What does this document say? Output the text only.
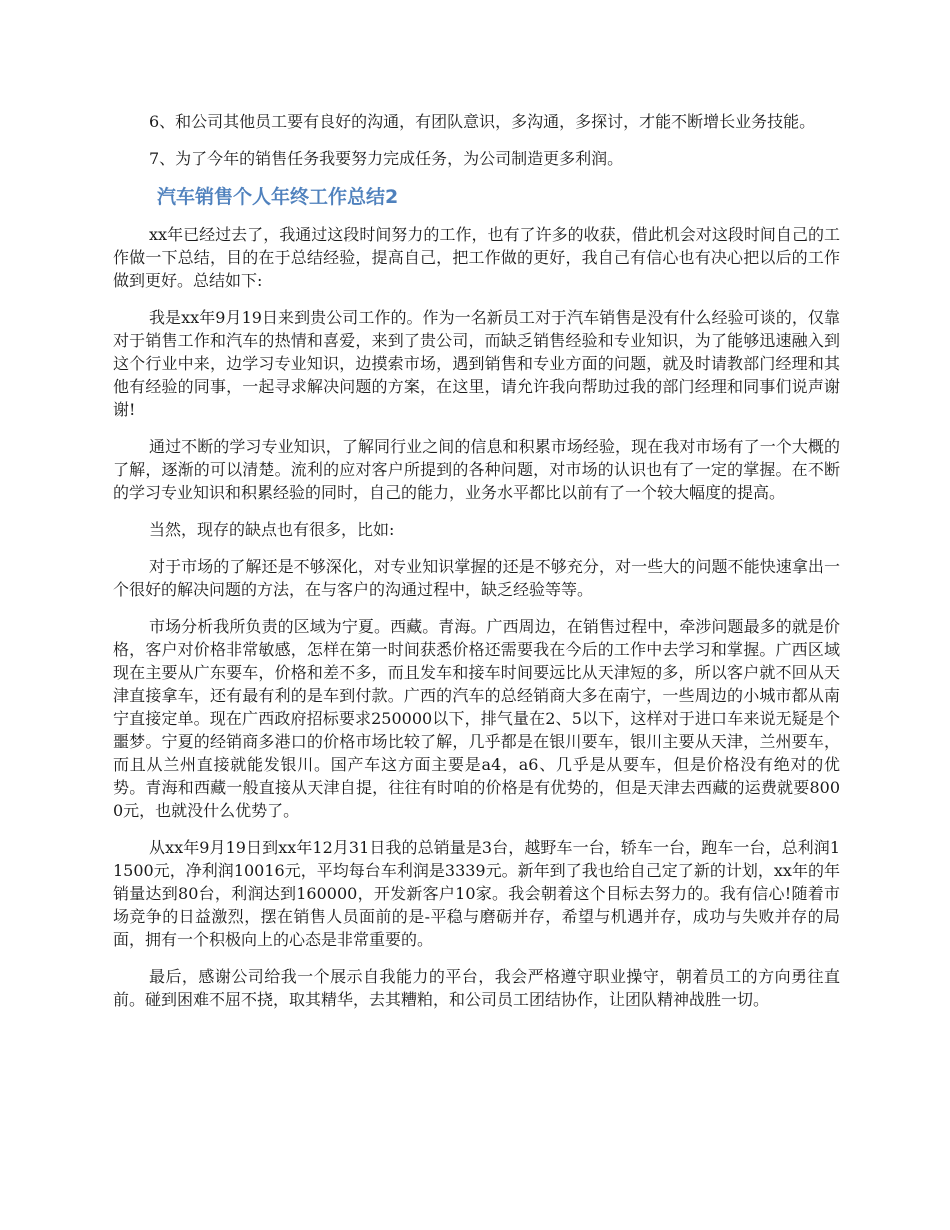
6、和公司其他员工要有良好的沟通，有团队意识，多沟通，多探讨，才能不断增长业务技能。

7、为了今年的销售任务我要努力完成任务，为公司制造更多利润。

汽车销售个人年终工作总结2

xx年已经过去了，我通过这段时间努力的工作，也有了许多的收获，借此机会对这段时间自己的工作做一下总结，目的在于总结经验，提高自己，把工作做的更好，我自己有信心也有决心把以后的工作做到更好。总结如下:

我是xx年9月19日来到贵公司工作的。作为一名新员工对于汽车销售是没有什么经验可谈的，仅靠对于销售工作和汽车的热情和喜爱，来到了贵公司，而缺乏销售经验和专业知识，为了能够迅速融入到这个行业中来，边学习专业知识，边摸索市场，遇到销售和专业方面的问题，就及时请教部门经理和其他有经验的同事，一起寻求解决问题的方案，在这里，请允许我向帮助过我的部门经理和同事们说声谢谢!

通过不断的学习专业知识，了解同行业之间的信息和积累市场经验，现在我对市场有了一个大概的了解，逐渐的可以清楚。流利的应对客户所提到的各种问题，对市场的认识也有了一定的掌握。在不断的学习专业知识和积累经验的同时，自己的能力，业务水平都比以前有了一个较大幅度的提高。

当然，现存的缺点也有很多，比如:

对于市场的了解还是不够深化，对专业知识掌握的还是不够充分，对一些大的问题不能快速拿出一个很好的解决问题的方法，在与客户的沟通过程中，缺乏经验等等。

市场分析我所负责的区域为宁夏。西藏。青海。广西周边，在销售过程中，牵涉问题最多的就是价格，客户对价格非常敏感，怎样在第一时间获悉价格还需要我在今后的工作中去学习和掌握。广西区域现在主要从广东要车，价格和差不多，而且发车和接车时间要远比从天津短的多，所以客户就不回从天津直接拿车，还有最有利的是车到付款。广西的汽车的总经销商大多在南宁，一些周边的小城市都从南宁直接定单。现在广西政府招标要求250000以下，排气量在2、5以下，这样对于进口车来说无疑是个噩梦。宁夏的经销商多港口的价格市场比较了解，几乎都是在银川要车，银川主要从天津，兰州要车，而且从兰州直接就能发银川。国产车这方面主要是a4，a6、几乎是从要车，但是价格没有绝对的优势。青海和西藏一般直接从天津自提，往往有时咱的价格是有优势的，但是天津去西藏的运费就要8000元，也就没什么优势了。

从xx年9月19日到xx年12月31日我的总销量是3台，越野车一台，轿车一台，跑车一台，总利润11500元，净利润10016元，平均每台车利润是3339元。新年到了我也给自己定了新的计划，xx年的年销量达到80台，利润达到160000，开发新客户10家。我会朝着这个目标去努力的。我有信心!随着市场竞争的日益激烈，摆在销售人员面前的是-平稳与磨砺并存，希望与机遇并存，成功与失败并存的局面，拥有一个积极向上的心态是非常重要的。

最后，感谢公司给我一个展示自我能力的平台，我会严格遵守职业操守，朝着员工的方向勇往直前。碰到困难不屈不挠，取其精华，去其糟粕，和公司员工团结协作，让团队精神战胜一切。
